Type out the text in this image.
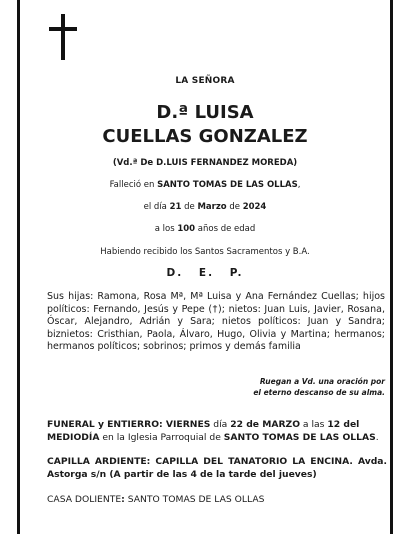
LA SEÑORA
D.ª LUISA
CUELLAS GONZALEZ
(Vd.ª De D.LUIS FERNANDEZ MOREDA)
Falleció en SANTO TOMAS DE LAS OLLAS,
el día 21 de Marzo de 2024
a los 100 años de edad
Habiendo recibido los Santos Sacramentos y B.A.
D. E. P.
Sus hijas: Ramona, Rosa Mª, Mª Luisa y Ana Fernández Cuellas; hijos políticos: Fernando, Jesús y Pepe (†); nietos: Juan Luis, Javier, Rosana, Óscar, Alejandro, Adrián y Sara; nietos políticos: Juan y Sandra; biznietos: Cristhian, Paola, Álvaro, Hugo, Olivia y Martina; hermanos; hermanos políticos; sobrinos; primos y demás familia
Ruegan a Vd. una oración por
el eterno descanso de su alma.
FUNERAL y ENTIERRO: VIERNES día 22 de MARZO a las 12 del MEDIODÍA en la Iglesia Parroquial de SANTO TOMAS DE LAS OLLAS.
CAPILLA ARDIENTE: CAPILLA DEL TANATORIO LA ENCINA. Avda. Astorga s/n (A partir de las 4 de la tarde del jueves)
CASA DOLIENTE: SANTO TOMAS DE LAS OLLAS
